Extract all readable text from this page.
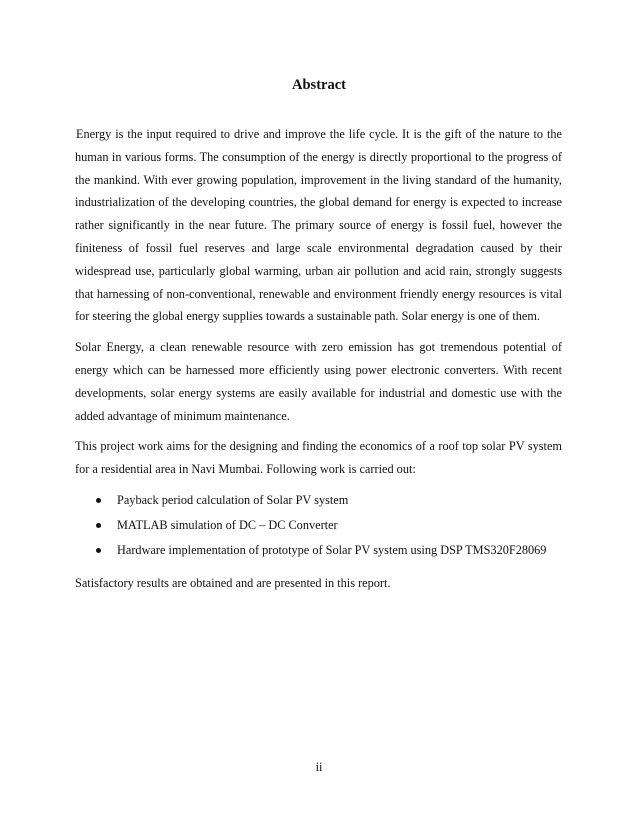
Abstract

Energy is the input required to drive and improve the life cycle. It is the gift of the nature to the human in various forms. The consumption of the energy is directly proportional to the progress of the mankind. With ever growing population, improvement in the living standard of the humanity, industrialization of the developing countries, the global demand for energy is expected to increase rather significantly in the near future. The primary source of energy is fossil fuel, however the finiteness of fossil fuel reserves and large scale environmental degradation caused by their widespread use, particularly global warming, urban air pollution and acid rain, strongly suggests that harnessing of non-conventional, renewable and environment friendly energy resources is vital for steering the global energy supplies towards a sustainable path. Solar energy is one of them.

Solar Energy, a clean renewable resource with zero emission has got tremendous potential of energy which can be harnessed more efficiently using power electronic converters. With recent developments, solar energy systems are easily available for industrial and domestic use with the added advantage of minimum maintenance.

This project work aims for the designing and finding the economics of a roof top solar PV system for a residential area in Navi Mumbai. Following work is carried out:

Payback period calculation of Solar PV system
MATLAB simulation of DC – DC Converter
Hardware implementation of prototype of Solar PV system using DSP TMS320F28069

Satisfactory results are obtained and are presented in this report.

ii
